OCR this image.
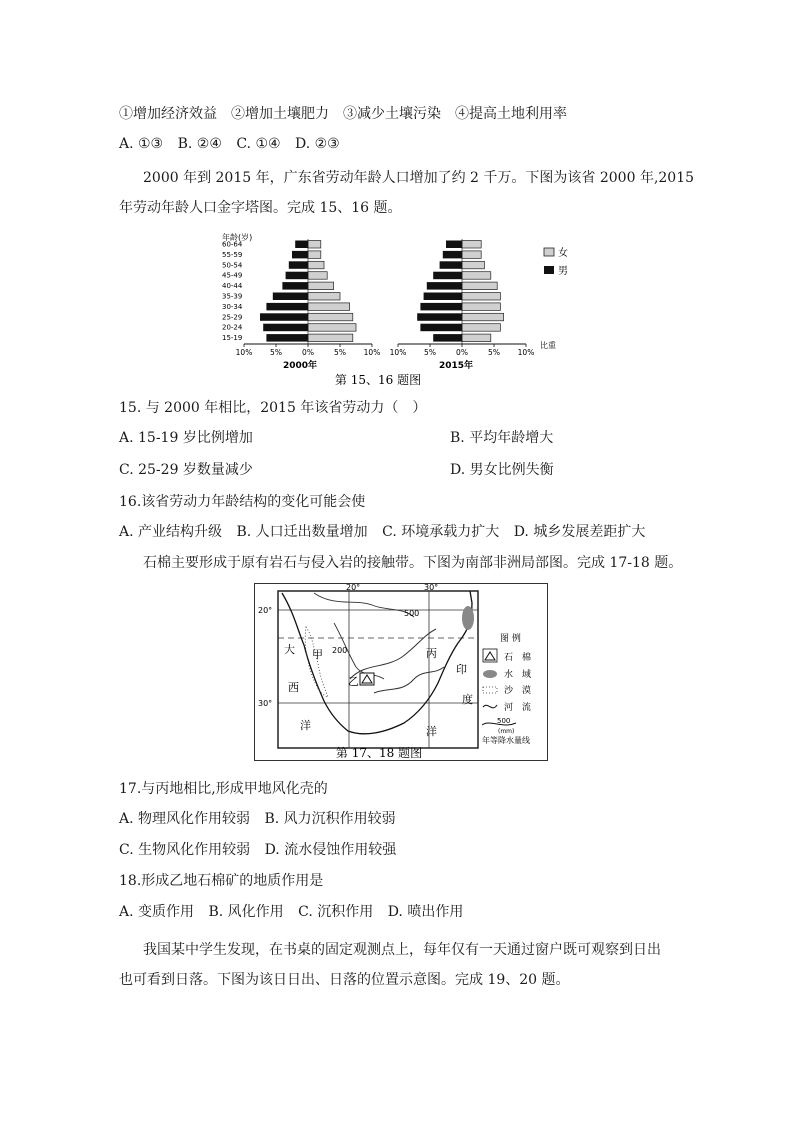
①增加经济效益　②增加土壤肥力　③减少土壤污染　④提高土地利用率
A. ①③ B. ②④ C. ①④ D. ②③
2000 年到 2015 年，广东省劳动年龄人口增加了约 2 千万。下图为该省 2000 年,2015
年劳动年龄人口金字塔图。完成 15、16 题。
年龄(岁)
15-19
20-24
25-29
30-34
35-39
40-44
45-49
50-54
55-59
60-64
10% 5%	0%	5% 10% 10% 5%	0%	5% 10%
女
男
比重
2000年	2015年
第 15、16 题图
15. 与 2000 年相比，2015 年该省劳动力（　）
A. 15-19 岁比例增加	B. 平均年龄增大
C. 25-29 岁数量减少	D. 男女比例失衡
16.该省劳动力年龄结构的变化可能会使
A. 产业结构升级 B. 人口迁出数量增加 C. 环境承载力扩大 D. 城乡发展差距扩大
石棉主要形成于原有岩石与侵入岩的接触带。下图为南部非洲局部图。完成 17-18 题。
20°	30°
20°
30°
500
200
甲
乙
丙
大
西
洋
印
度
洋
图 例
石　棉
水　域
沙　漠
河　流
500
(mm)
年等降水量线
第 17、18 题图
17.与丙地相比,形成甲地风化壳的
A. 物理风化作用较弱 B. 风力沉积作用较弱
C. 生物风化作用较弱 D. 流水侵蚀作用较强
18.形成乙地石棉矿的地质作用是
A. 变质作用 B. 风化作用 C. 沉积作用 D. 喷出作用
我国某中学生发现，在书桌的固定观测点上，每年仅有一天通过窗户既可观察到日出
也可看到日落。下图为该日日出、日落的位置示意图。完成 19、20 题。
